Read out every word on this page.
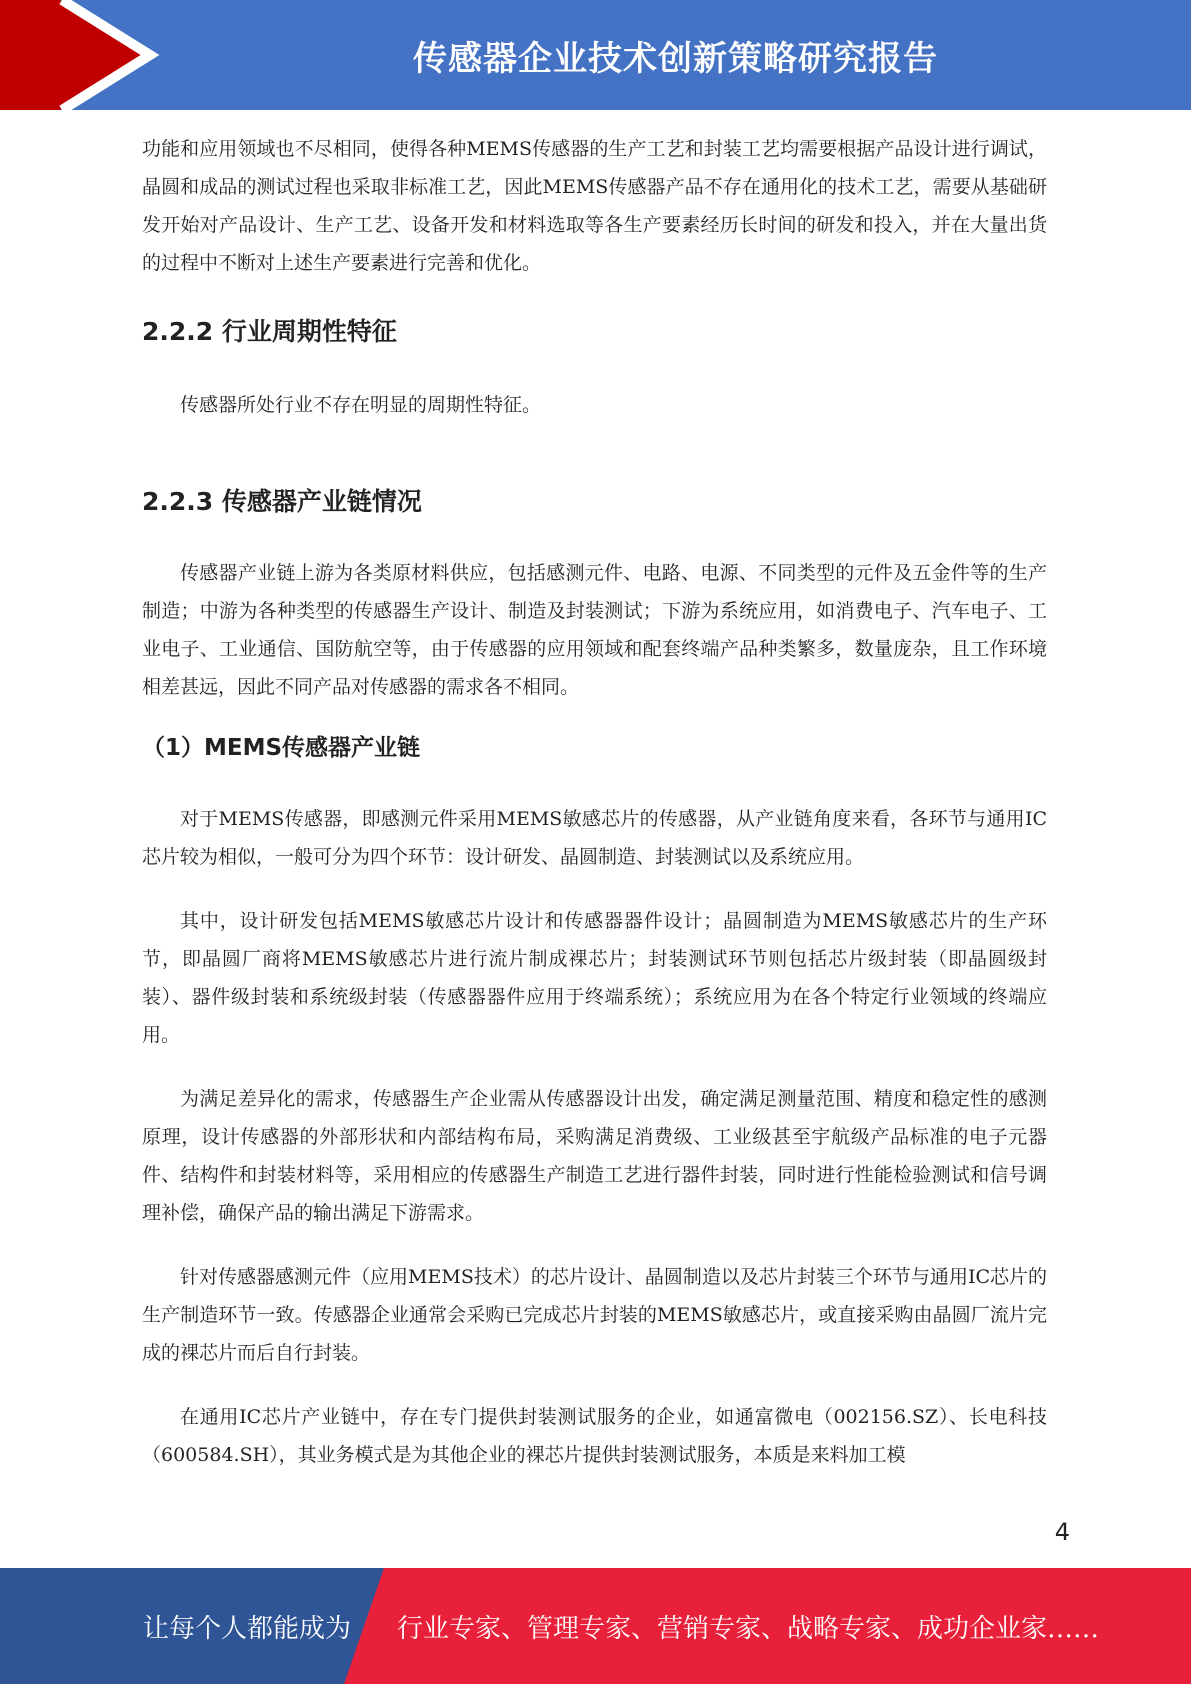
传感器企业技术创新策略研究报告

功能和应用领域也不尽相同，使得各种MEMS传感器的生产工艺和封装工艺均需要根据产品设计进行调试，晶圆和成品的测试过程也采取非标准工艺，因此MEMS传感器产品不存在通用化的技术工艺，需要从基础研发开始对产品设计、生产工艺、设备开发和材料选取等各生产要素经历长时间的研发和投入，并在大量出货的过程中不断对上述生产要素进行完善和优化。

2.2.2 行业周期性特征

传感器所处行业不存在明显的周期性特征。

2.2.3 传感器产业链情况

传感器产业链上游为各类原材料供应，包括感测元件、电路、电源、不同类型的元件及五金件等的生产制造；中游为各种类型的传感器生产设计、制造及封装测试；下游为系统应用，如消费电子、汽车电子、工业电子、工业通信、国防航空等，由于传感器的应用领域和配套终端产品种类繁多，数量庞杂，且工作环境相差甚远，因此不同产品对传感器的需求各不相同。

（1）MEMS传感器产业链

对于MEMS传感器，即感测元件采用MEMS敏感芯片的传感器，从产业链角度来看，各环节与通用IC芯片较为相似，一般可分为四个环节：设计研发、晶圆制造、封装测试以及系统应用。

其中，设计研发包括MEMS敏感芯片设计和传感器器件设计；晶圆制造为MEMS敏感芯片的生产环节，即晶圆厂商将MEMS敏感芯片进行流片制成裸芯片；封装测试环节则包括芯片级封装（即晶圆级封装）、器件级封装和系统级封装（传感器器件应用于终端系统）；系统应用为在各个特定行业领域的终端应用。

为满足差异化的需求，传感器生产企业需从传感器设计出发，确定满足测量范围、精度和稳定性的感测原理，设计传感器的外部形状和内部结构布局，采购满足消费级、工业级甚至宇航级产品标准的电子元器件、结构件和封装材料等，采用相应的传感器生产制造工艺进行器件封装，同时进行性能检验测试和信号调理补偿，确保产品的输出满足下游需求。

针对传感器感测元件（应用MEMS技术）的芯片设计、晶圆制造以及芯片封装三个环节与通用IC芯片的生产制造环节一致。传感器企业通常会采购已完成芯片封装的MEMS敏感芯片，或直接采购由晶圆厂流片完成的裸芯片而后自行封装。

在通用IC芯片产业链中，存在专门提供封装测试服务的企业，如通富微电（002156.SZ）、长电科技（600584.SH），其业务模式是为其他企业的裸芯片提供封装测试服务，本质是来料加工模

4
让每个人都能成为 行业专家、管理专家、营销专家、战略专家、成功企业家……
